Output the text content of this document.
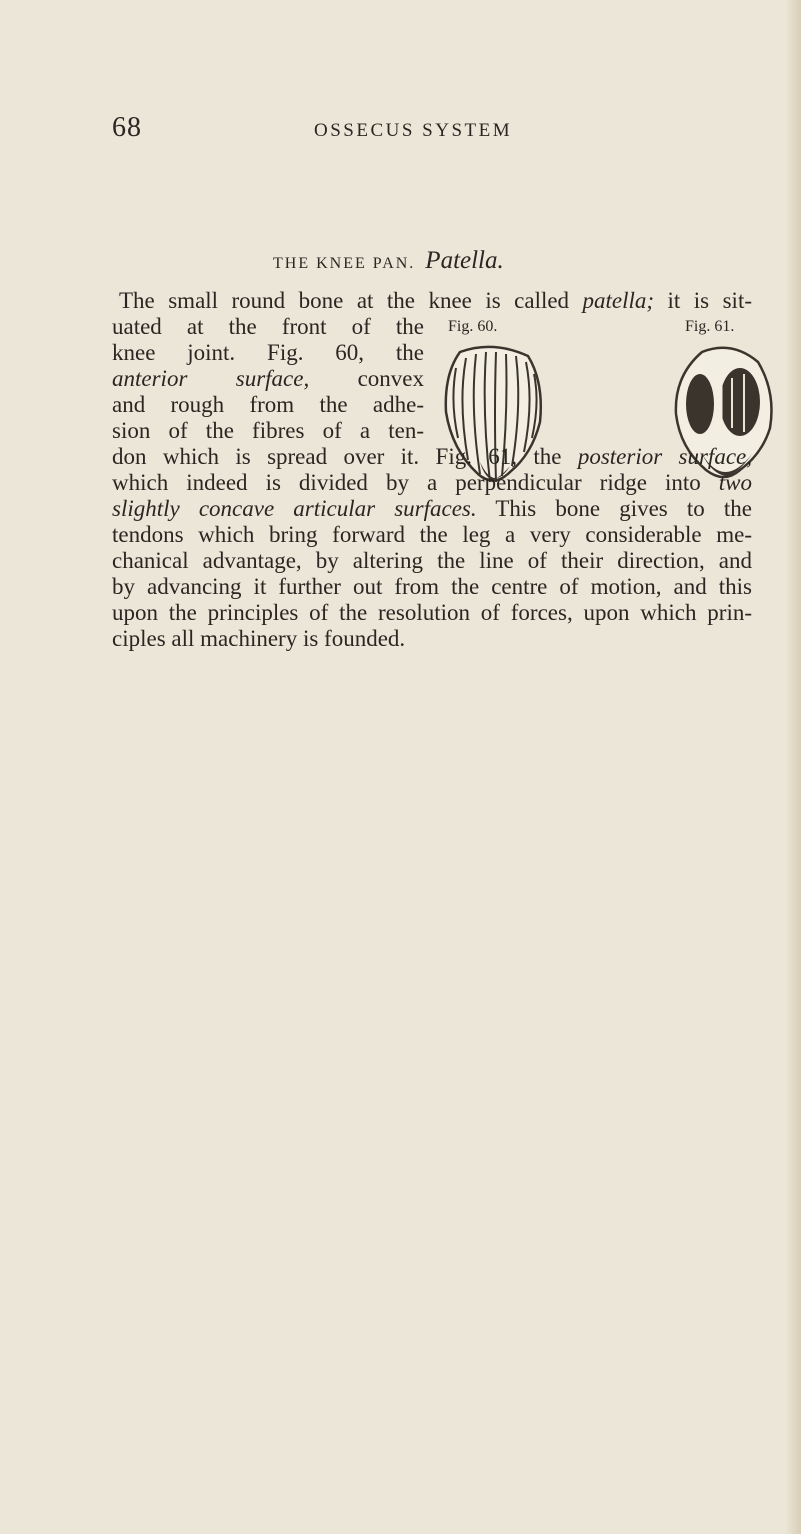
68	OSSECUS SYSTEM
THE KNEE PAN. Patella.
Fig. 60.	Fig. 61.
The small round bone at the knee is called patella; it is sit-
uated at the front of the
knee joint. Fig. 60, the
anterior surface, convex
and rough from the adhe-
sion of the fibres of a ten-
don which is spread over it. Fig. 61, the posterior surface,
which indeed is divided by a perpendicular ridge into two
slightly concave articular surfaces. This bone gives to the
tendons which bring forward the leg a very considerable me-
chanical advantage, by altering the line of their direction, and
by advancing it further out from the centre of motion, and this
upon the principles of the resolution of forces, upon which prin-
ciples all machinery is founded.
